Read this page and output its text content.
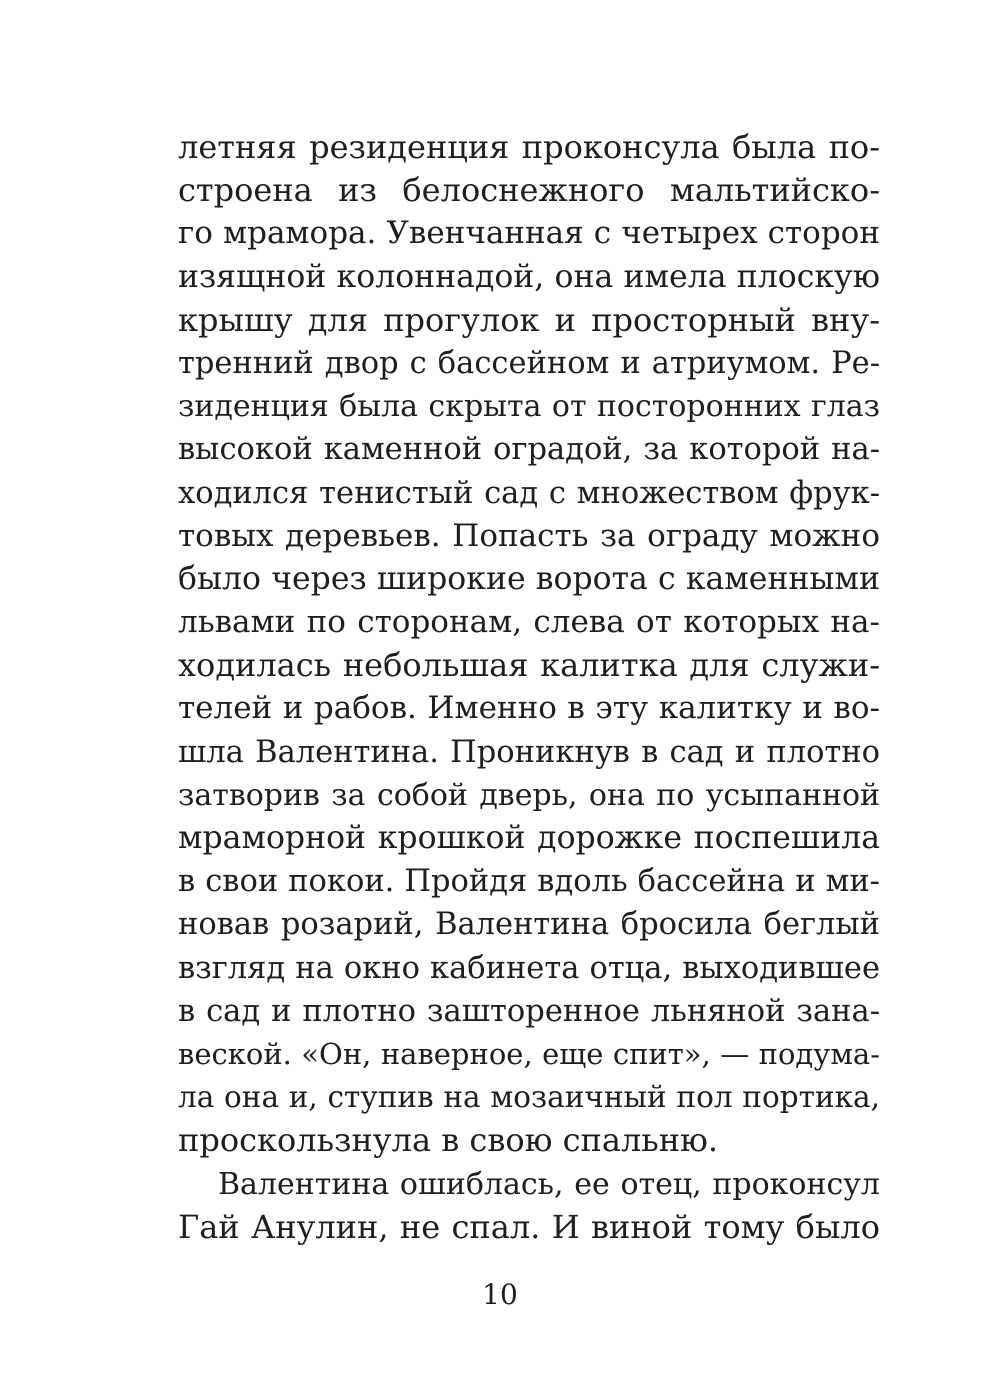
летняя резиденция проконсула была по-
строена из белоснежного мальтийско-
го мрамора. Увенчанная с четырех сторон
изящной колоннадой, она имела плоскую
крышу для прогулок и просторный вну-
тренний двор с бассейном и атриумом. Ре-
зиденция была скрыта от посторонних глаз
высокой каменной оградой, за которой на-
ходился тенистый сад с множеством фрук-
товых деревьев. Попасть за ограду можно
было через широкие ворота с каменными
львами по сторонам, слева от которых на-
ходилась небольшая калитка для служи-
телей и рабов. Именно в эту калитку и во-
шла Валентина. Проникнув в сад и плотно
затворив за собой дверь, она по усыпанной
мраморной крошкой дорожке поспешила
в свои покои. Пройдя вдоль бассейна и ми-
новав розарий, Валентина бросила беглый
взгляд на окно кабинета отца, выходившее
в сад и плотно зашторенное льняной зана-
веской. «Он, наверное, еще спит», — подума-
ла она и, ступив на мозаичный пол портика,
проскользнула в свою спальню.
Валентина ошиблась, ее отец, проконсул
Гай Анулин, не спал. И виной тому было
10
